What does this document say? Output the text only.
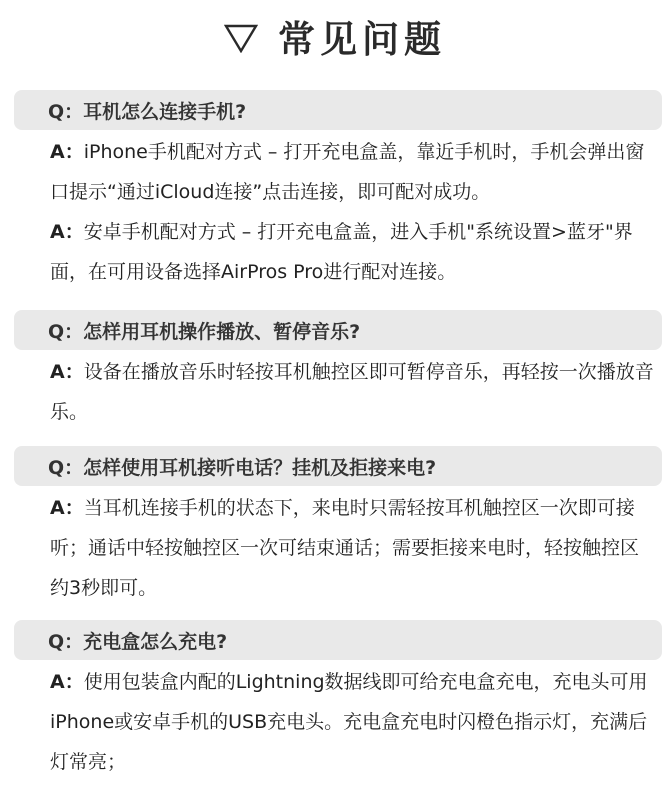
常见问题
Q： 耳机怎么连接手机?
A：iPhone手机配对方式 – 打开充电盒盖，靠近手机时，手机会弹出窗口提示“通过iCloud连接”点击连接，即可配对成功。
A：安卓手机配对方式 – 打开充电盒盖，进入手机"系统设置>蓝牙"界面，在可用设备选择AirPros Pro进行配对连接。
Q： 怎样用耳机操作播放、暂停音乐?
A：设备在播放音乐时轻按耳机触控区即可暂停音乐，再轻按一次播放音乐。
Q： 怎样使用耳机接听电话？挂机及拒接来电?
A：当耳机连接手机的状态下，来电时只需轻按耳机触控区一次即可接听；通话中轻按触控区一次可结束通话；需要拒接来电时，轻按触控区约3秒即可。
Q： 充电盒怎么充电?
A：使用包装盒内配的Lightning数据线即可给充电盒充电，充电头可用iPhone或安卓手机的USB充电头。充电盒充电时闪橙色指示灯，充满后灯常亮；
